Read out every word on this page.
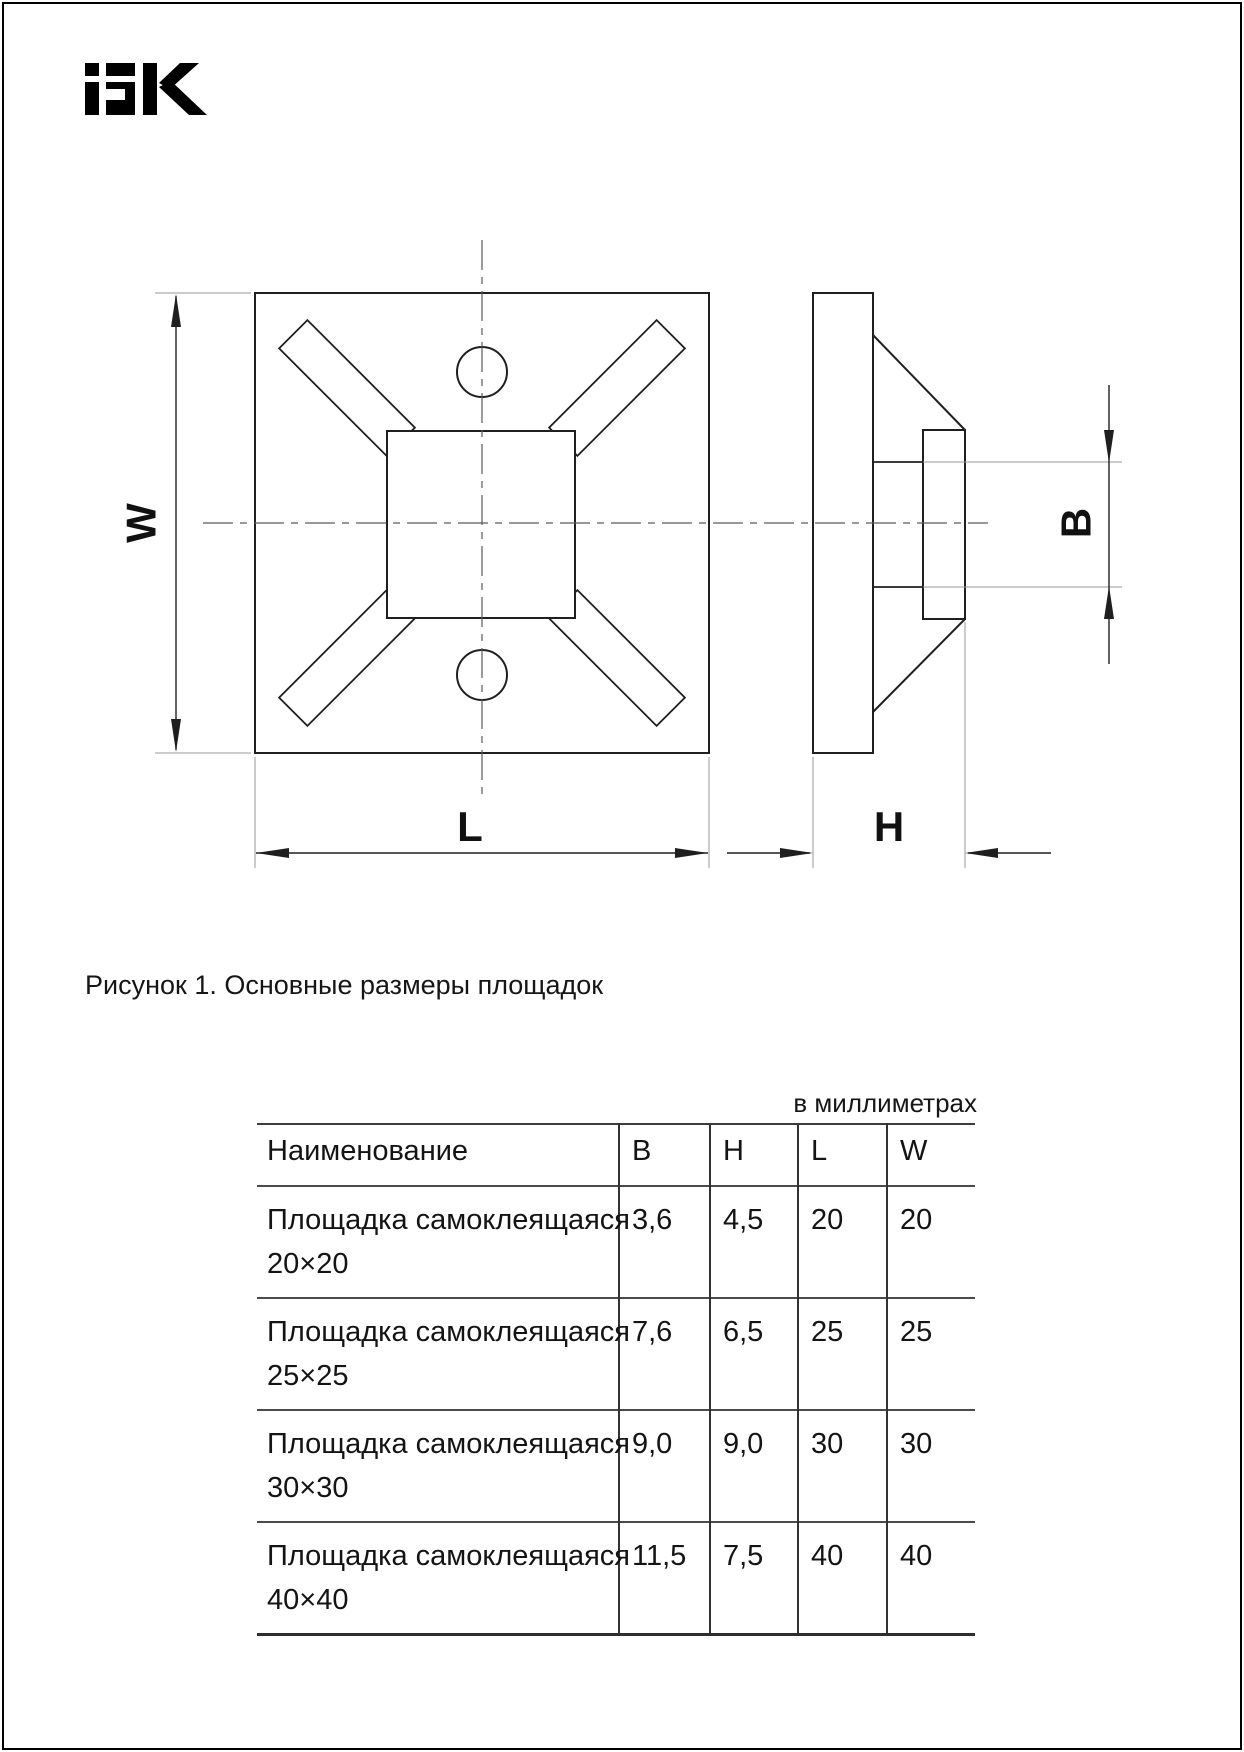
W
L
B
H
Рисунок 1. Основные размеры площадок
в миллиметрах
Наименование	B	H	L	W

Площадка самоклеящаяся
20×20	3,6	4,5	20	20

Площадка самоклеящаяся
25×25	7,6	6,5	25	25

Площадка самоклеящаяся
30×30	9,0	9,0	30	30

Площадка самоклеящаяся
40×40	11,5	7,5	40	40
